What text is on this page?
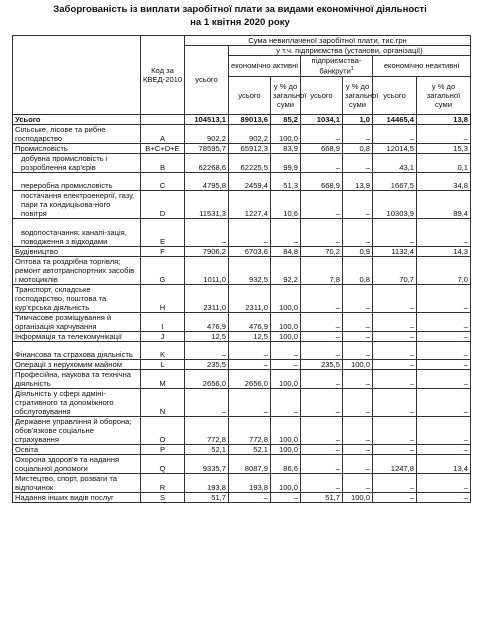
Заборгованість із виплати заробітної плати за видами економічної діяльності
на 1 квітня 2020 року
	Код за КВЕД-2010	Сума невиплаченої заробітної плати, тис.грн						
		усього	у т.ч. підприємства (установи, організації)					
			економічно активні		підприємства-банкрути$^1$		економічно неактивні	
			усього	у % до загальної суми	усього	у % до загальної суми	усього	у % до загальної суми
Усього		104513,1	89013,6	85,2	1034,1	1,0	14465,4	13,8
Сільське, лісове та рибне господарство	A	902,2	902,2	100,0	–	–	–	–
Промисловість	B+C+D+E	78595,7	65912,3	83,9	668,9	0,8	12014,5	15,3
добувна промисловість і розроблення кар'єрів	B	62268,6	62225,5	99,9	–	–	43,1	0,1
переробна промисловість	C	4795,8	2459,4	51,3	668,9	13,9	1667,5	34,8
постачання електроенергії, газу, пари та кондиціьова-ного повітря	D	11531,3	1227,4	10,6	–	–	10303,9	89,4
водопостачання; каналі-зація, поводження з відходами	E	–	–	–	–	–	–	–
Будівництво	F	7906,2	6703,6	84,8	70,2	0,9	1132,4	14,3
Оптова та роздрібна торгівля; ремонт автотранспортних засобів і мотоциклів	G	1011,0	932,5	92,2	7,8	0,8	70,7	7,0
Транспорт, складське господарство, поштова та кур'єрська діяльність	H	2311,0	2311,0	100,0	–	–	–	–
Тимчасове розміщування й організація харчування	I	476,9	476,9	100,0	–	–	–	–
Інформація та телекомунікації	J	12,5	12,5	100,0	–	–	–	–
Фінансова та страхова діяльність	K	–	–	–	–	–	–	–
Операції з нерухомим майном	L	235,5	–	–	235,5	100,0	–	–
Професійна, наукова та технічна діяльність	M	2656,0	2656,0	100,0	–	–	–	–
Діяльність у сфері адміні-стративного та допоміжного обслуговування	N	–	–	–	–	–	–	–
Державне управління й оборона; обов'язкове соціальне страхування	O	772,8	772,8	100,0	–	–	–	–
Освіта	P	52,1	52,1	100,0	–	–	–	–
Охорона здоров'я та надання соціальної допомоги	Q	9335,7	8087,9	86,6	–	–	1247,8	13,4
Мистецтво, спорт, розваги та відпочинок	R	193,8	193,8	100,0	–	–	–	–
Надання інших видів послуг	S	51,7	–	–	51,7	100,0	–	–
